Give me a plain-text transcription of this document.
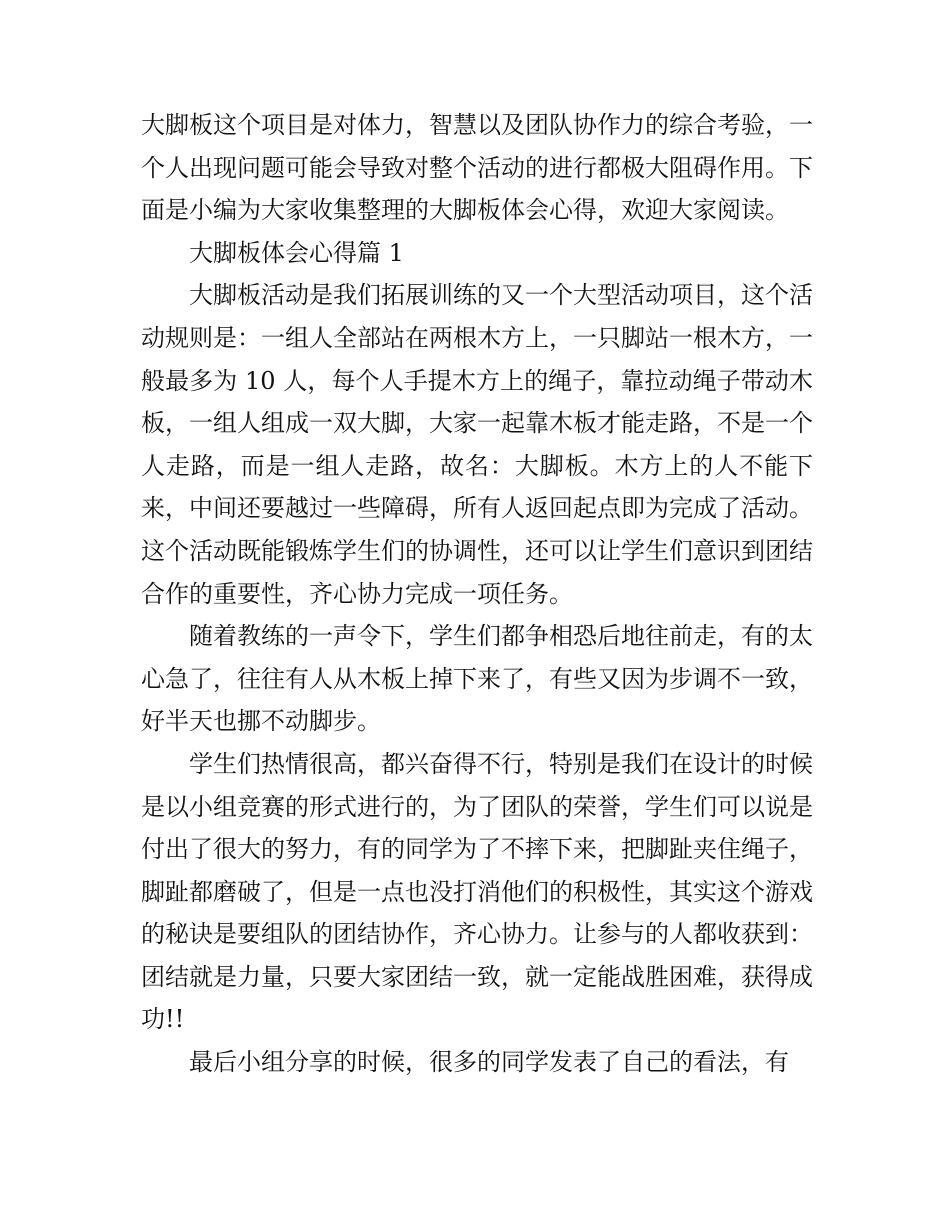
大脚板这个项目是对体力，智慧以及团队协作力的综合考验，一个人出现问题可能会导致对整个活动的进行都极大阻碍作用。下面是小编为大家收集整理的大脚板体会心得，欢迎大家阅读。

大脚板体会心得篇 1

大脚板活动是我们拓展训练的又一个大型活动项目，这个活动规则是：一组人全部站在两根木方上，一只脚站一根木方，一般最多为 10 人，每个人手提木方上的绳子，靠拉动绳子带动木板，一组人组成一双大脚，大家一起靠木板才能走路，不是一个人走路，而是一组人走路，故名：大脚板。木方上的人不能下来，中间还要越过一些障碍，所有人返回起点即为完成了活动。这个活动既能锻炼学生们的协调性，还可以让学生们意识到团结合作的重要性，齐心协力完成一项任务。

随着教练的一声令下，学生们都争相恐后地往前走，有的太心急了，往往有人从木板上掉下来了，有些又因为步调不一致，好半天也挪不动脚步。

学生们热情很高，都兴奋得不行，特别是我们在设计的时候是以小组竞赛的形式进行的，为了团队的荣誉，学生们可以说是付出了很大的努力，有的同学为了不摔下来，把脚趾夹住绳子，脚趾都磨破了，但是一点也没打消他们的积极性，其实这个游戏的秘诀是要组队的团结协作，齐心协力。让参与的人都收获到：团结就是力量，只要大家团结一致，就一定能战胜困难，获得成功!!

最后小组分享的时候，很多的同学发表了自己的看法，有
